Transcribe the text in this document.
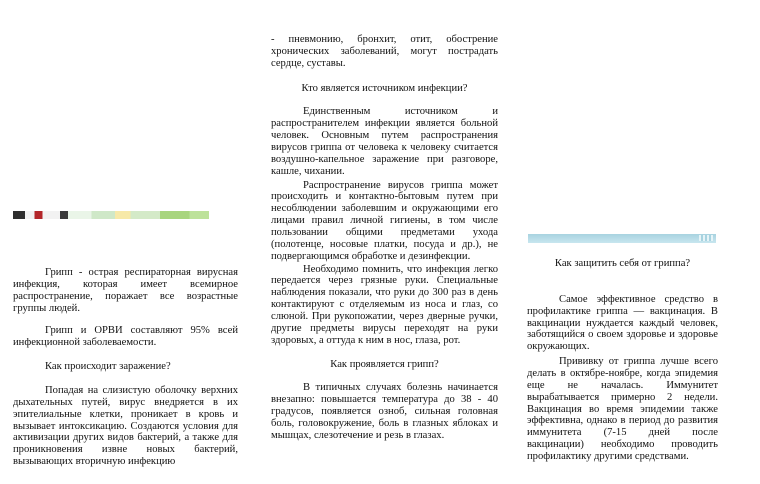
Грипп - острая респираторная вирусная инфекция, которая имеет всемирное распространение, поражает все возрастные группы людей.

Грипп и ОРВИ составляют 95% всей инфекционной заболеваемости.

Как происходит заражение?

Попадая на слизистую оболочку верхних дыхательных путей, вирус внедряется в их эпителиальные клетки, проникает в кровь и вызывает интоксикацию. Создаются условия для активизации других видов бактерий, а также для проникновения извне новых бактерий, вызывающих вторичную инфекцию

- пневмонию, бронхит, отит, обострение хронических заболеваний, могут пострадать сердце, суставы.

Кто является источником инфекции?

Единственным источником и распространителем инфекции является больной человек. Основным путем распространения вирусов гриппа от человека к человеку считается воздушно-капельное заражение при разговоре, кашле, чихании.

Распространение вирусов гриппа может происходить и контактно-бытовым путем при несоблюдении заболевшим и окружающими его лицами правил личной гигиены, в том числе пользовании общими предметами ухода (полотенце, носовые платки, посуда и др.), не подвергающимся обработке и дезинфекции.

Необходимо помнить, что инфекция легко передается через грязные руки. Специальные наблюдения показали, что руки до 300 раз в день контактируют с отделяемым из носа и глаз, со слюной. При рукопожатии, через дверные ручки, другие предметы вирусы переходят на руки здоровых, а оттуда к ним в нос, глаза, рот.

Как проявляется грипп?

В типичных случаях болезнь начинается внезапно: повышается температура до 38 - 40 градусов, появляется озноб, сильная головная боль, головокружение, боль в глазных яблоках и мышцах, слезотечение и резь в глазах.

Как защитить себя от гриппа?

Самое эффективное средство в профилактике гриппа — вакцинация. В вакцинации нуждается каждый человек, заботящийся о своем здоровье и здоровье окружающих.

Прививку от гриппа лучше всего делать в октябре-ноябре, когда эпидемия еще не началась. Иммунитет вырабатывается примерно 2 недели. Вакцинация во время эпидемии также эффективна, однако в период до развития иммунитета (7-15 дней после вакцинации) необходимо проводить профилактику другими средствами.
